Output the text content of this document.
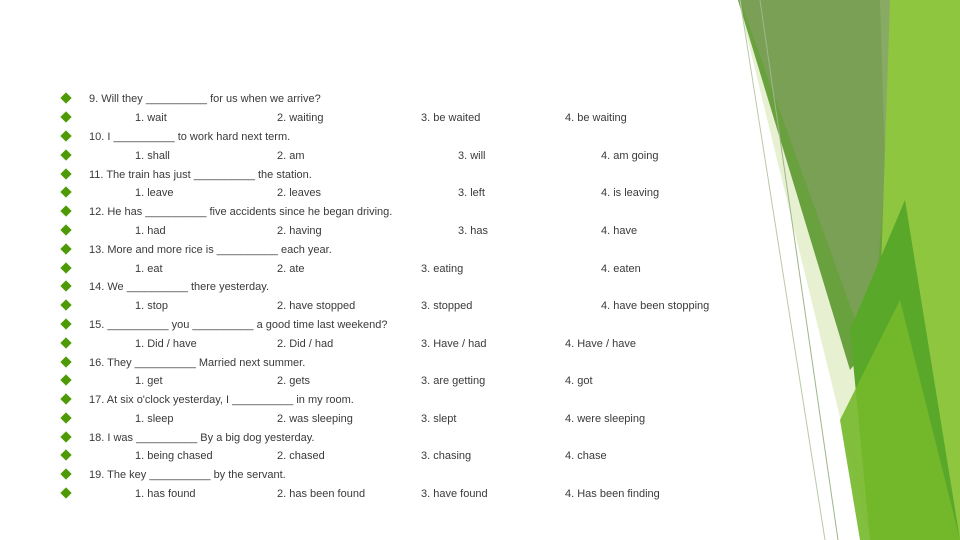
9. Will they __________ for us when we arrive?
1. wait	2. waiting	3. be waited	4. be waiting
10. I __________ to work hard next term.
1. shall	2. am	3. will	4. am going
11. The train has just __________ the station.
1. leave	2. leaves	3. left	4. is leaving
12. He has __________ five accidents since he began driving.
1. had	2. having	3. has	4. have
13. More and more rice is __________ each year.
1. eat	2. ate	3. eating	4. eaten
14. We __________ there yesterday.
1. stop	2. have stopped	3. stopped	4. have been stopping
15. __________ you __________ a good time last weekend?
1. Did / have	2. Did / had	3. Have / had	4. Have / have
16. They __________ Married next summer.
1. get	2. gets	3. are getting	4. got
17. At six o'clock yesterday, I __________ in my room.
1. sleep	2. was sleeping	3. slept	4. were sleeping
18. I was __________ By a big dog yesterday.
1. being chased	2. chased	3. chasing	4. chase
19. The key __________ by the servant.
1. has found	2. has been found	3. have found	4. Has been finding
